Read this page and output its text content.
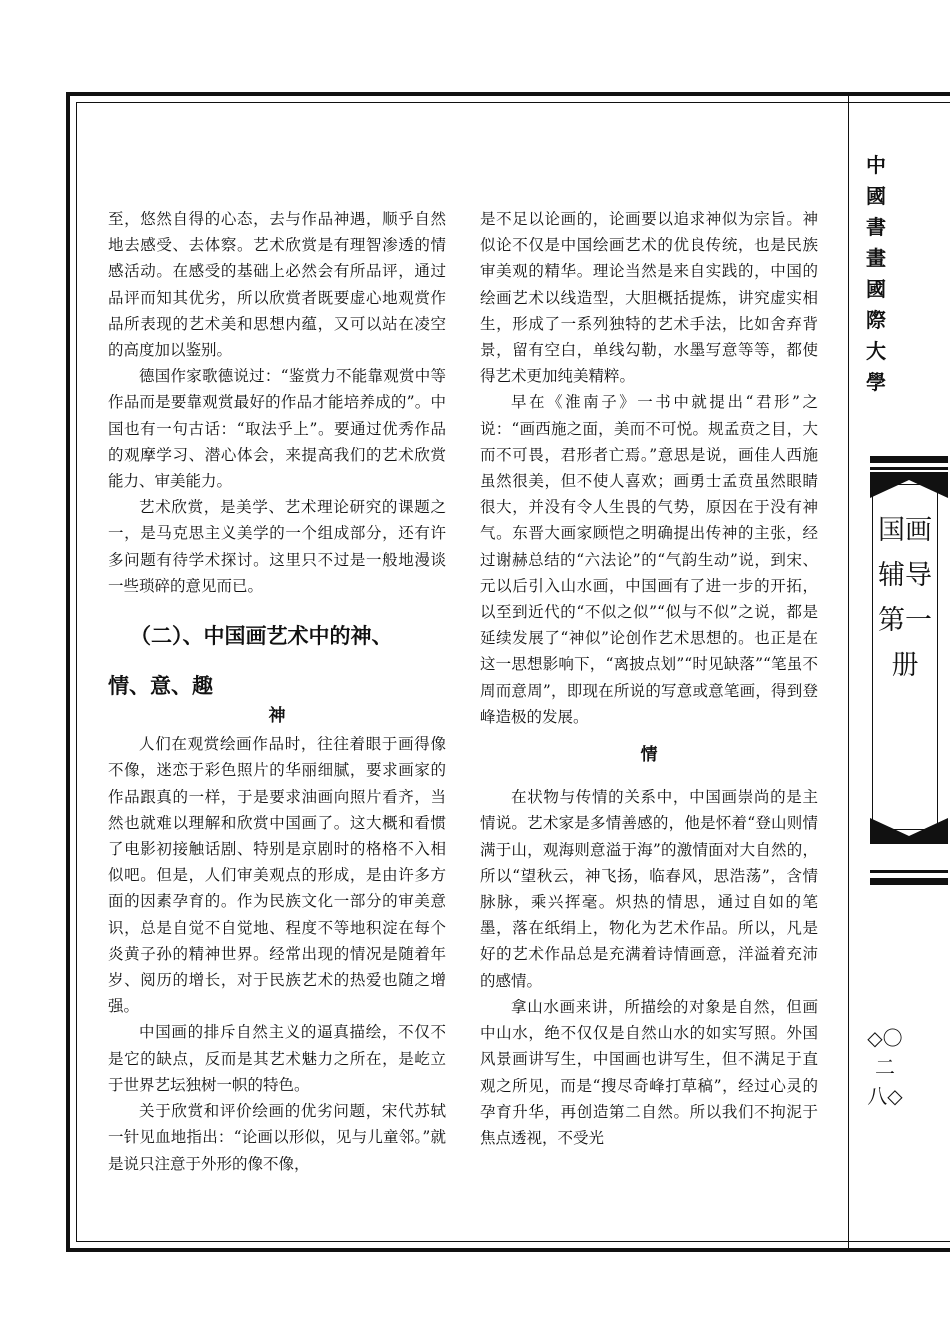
至，悠然自得的心态，去与作品神遇，顺乎自然地去感受、去体察。艺术欣赏是有理智渗透的情感活动。在感受的基础上必然会有所品评，通过品评而知其优劣，所以欣赏者既要虚心地观赏作品所表现的艺术美和思想内蕴，又可以站在凌空的高度加以鉴别。

德国作家歌德说过：“鉴赏力不能靠观赏中等作品而是要靠观赏最好的作品才能培养成的”。中国也有一句古话：“取法乎上”。要通过优秀作品的观摩学习、潜心体会，来提高我们的艺术欣赏能力、审美能力。

艺术欣赏，是美学、艺术理论研究的课题之一，是马克思主义美学的一个组成部分，还有许多问题有待学术探讨。这里只不过是一般地漫谈一些琐碎的意见而已。

（二）、中国画艺术中的神、
情、意、趣
神

人们在观赏绘画作品时，往往着眼于画得像不像，迷恋于彩色照片的华丽细腻，要求画家的作品跟真的一样，于是要求油画向照片看齐，当然也就难以理解和欣赏中国画了。这大概和看惯了电影初接触话剧、特别是京剧时的格格不入相似吧。但是，人们审美观点的形成，是由许多方面的因素孕育的。作为民族文化一部分的审美意识，总是自觉不自觉地、程度不等地积淀在每个炎黄子孙的精神世界。经常出现的情况是随着年岁、阅历的增长，对于民族艺术的热爱也随之增强。

中国画的排斥自然主义的逼真描绘，不仅不是它的缺点，反而是其艺术魅力之所在，是屹立于世界艺坛独树一帜的特色。

关于欣赏和评价绘画的优劣问题，宋代苏轼一针见血地指出：“论画以形似，见与儿童邻。”就是说只注意于外形的像不像，

是不足以论画的，论画要以追求神似为宗旨。神似论不仅是中国绘画艺术的优良传统，也是民族审美观的精华。理论当然是来自实践的，中国的绘画艺术以线造型，大胆概括提炼，讲究虚实相生，形成了一系列独特的艺术手法，比如舍弃背景，留有空白，单线勾勒，水墨写意等等，都使得艺术更加纯美精粹。

早在《淮南子》一书中就提出“君形”之说：“画西施之面，美而不可悦。规孟贲之目，大而不可畏，君形者亡焉。”意思是说，画佳人西施虽然很美，但不使人喜欢；画勇士孟贲虽然眼睛很大，并没有令人生畏的气势，原因在于没有神气。东晋大画家顾恺之明确提出传神的主张，经过谢赫总结的“六法论”的“气韵生动”说，到宋、元以后引入山水画，中国画有了进一步的开拓，以至到近代的“不似之似”“似与不似”之说，都是延续发展了“神似”论创作艺术思想的。也正是在这一思想影响下，“离披点划”“时见缺落”“笔虽不周而意周”，即现在所说的写意或意笔画，得到登峰造极的发展。

情

在状物与传情的关系中，中国画崇尚的是主情说。艺术家是多情善感的，他是怀着“登山则情满于山，观海则意溢于海”的激情面对大自然的，所以“望秋云，神飞扬，临春风，思浩荡”，含情脉脉，乘兴挥毫。炽热的情思，通过自如的笔墨，落在纸绢上，物化为艺术作品。所以，凡是好的艺术作品总是充满着诗情画意，洋溢着充沛的感情。

拿山水画来讲，所描绘的对象是自然，但画中山水，绝不仅仅是自然山水的如实写照。外国风景画讲写生，中国画也讲写生，但不满足于直观之所见，而是“搜尽奇峰打草稿”，经过心灵的孕育升华，再创造第二自然。所以我们不拘泥于焦点透视，不受光

中國書畫國際大學
国画辅导第一册
◇〇二八◇
